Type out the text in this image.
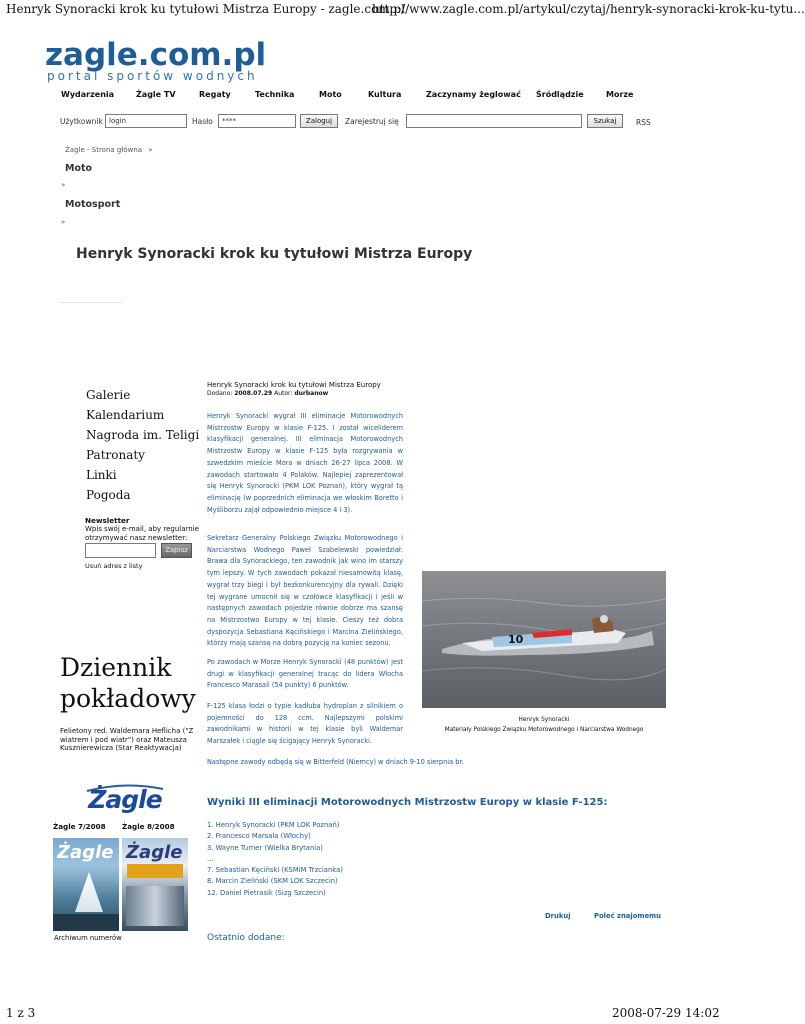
Henryk Synoracki krok ku tytułowi Mistrza Europy - zagle.com.pl
http://www.zagle.com.pl/artykul/czytaj/henryk-synoracki-krok-ku-tytu...
zagle.com.pl
portal sportów wodnych
Wydarzenia	Żagle TV	Regaty	Technika	Moto	Kultura	Zaczynamy żeglować Śródlądzie	Morze
Użytkownik login	Hasło	****	Zaloguj	Zarejestruj się	Szukaj	RSS
Żagle - Strona główna »
Moto
»
Motosport
»
Henryk Synoracki krok ku tytułowi Mistrza Europy
Galerie
Kalendarium
Nagroda im. Teligi
Patronaty
Linki
Pogoda
Newsletter
Wpis swój e-mail, aby regularnie otrzymywać nasz newsletter:
Zapisz
Usuń adres z listy
Dziennik
pokładowy
Felietony red. Waldemara Heflicha ("Z wiatrem i pod wiatr") oraz Mateusza Kusznierewicza (Star Reaktywacja)
Żagle
Żagle 7/2008 Żagle 8/2008
Żagle Żagle
Archiwum numerów
Henryk Synoracki krok ku tytułowi Mistrza Europy
Dodano: 2008.07.29 Autor: durbanow

Henryk Synoracki wygrał III eliminacje Motorowodnych Mistrzostw Europy w klasie F-125. I został wiceliderem klasyfikacji generalnej. III eliminacja Motorowodnych Mistrzostw Europy w klasie F-125 była rozgrywania w szwedzkim mieście Mora w dniach 26-27 lipca 2008. W zawodach startowało 4 Polaków. Najlepiej zaprezentował się Henryk Synoracki (PKM LOK Poznań), który wygrał tą eliminację (w poprzednich eliminacja we włoskim Boretto i Myśliborzu zajął odpowiednio miejsce 4 i 3).

Sekretarz Generalny Polskiego Związku Motorowodnego i Narciarstwa Wodnego Paweł Szabelewski powiedział: Brawa dla Synorackiego, ten zawodnik jak wino im starszy tym lepszy. W tych zawodach pokazał niesamowitą klasę, wygrał trzy biegi i był bezkonkurencyjny dla rywali. Dzięki tej wygrane umocnił się w czołówce klasyfikacji i jeśli w następnych zawodach pojedzie równie dobrze ma szansę na Mistrzostwo Europy w tej klasie. Cieszy też dobra dyspozycja Sebastiana Kęcińskiego i Marcina Zielińskiego, którzy mają szansę na dobrą pozycję na koniec sezonu.

Po zawodach w Morze Henryk Synoracki (48 punktów) jest drugi w klasyfikacji generalnej tracąc do lidera Włocha Francesco Marasali (54 punkty) 6 punktów.

F-125 klasa łodzi o typie kadłuba hydroplan z silnikiem o pojemności do 128 ccm. Najlepszymi polskimi zawodnikami w historii w tej klasie byli Waldemar Marszałek i ciągle się ścigający Henryk Synoracki.

Następne zawody odbędą się w Bitterfeld (Niemcy) w dniach 9-10 sierpnia br.
10
Henryk Synoracki
Materiały Polskiego Związku Motorowodnego i Narciarstwa Wodnego
Wyniki III eliminacji Motorowodnych Mistrzostw Europy w klasie F-125:
1. Henryk Synoracki (PKM LOK Poznań)
2. Francesco Marsala (Włochy)
3. Wayne Turner (Wielka Brytania)
...
7. Sebastian Kęciński (KSMiM Trzcianka)
8. Marcin Zieliński (SKM LOK Szczecin)
12. Daniel Pietrasik (Śizg Szczecin)
Drukuj	Poleć znajomemu
Ostatnio dodane:
1 z 3	2008-07-29 14:02
